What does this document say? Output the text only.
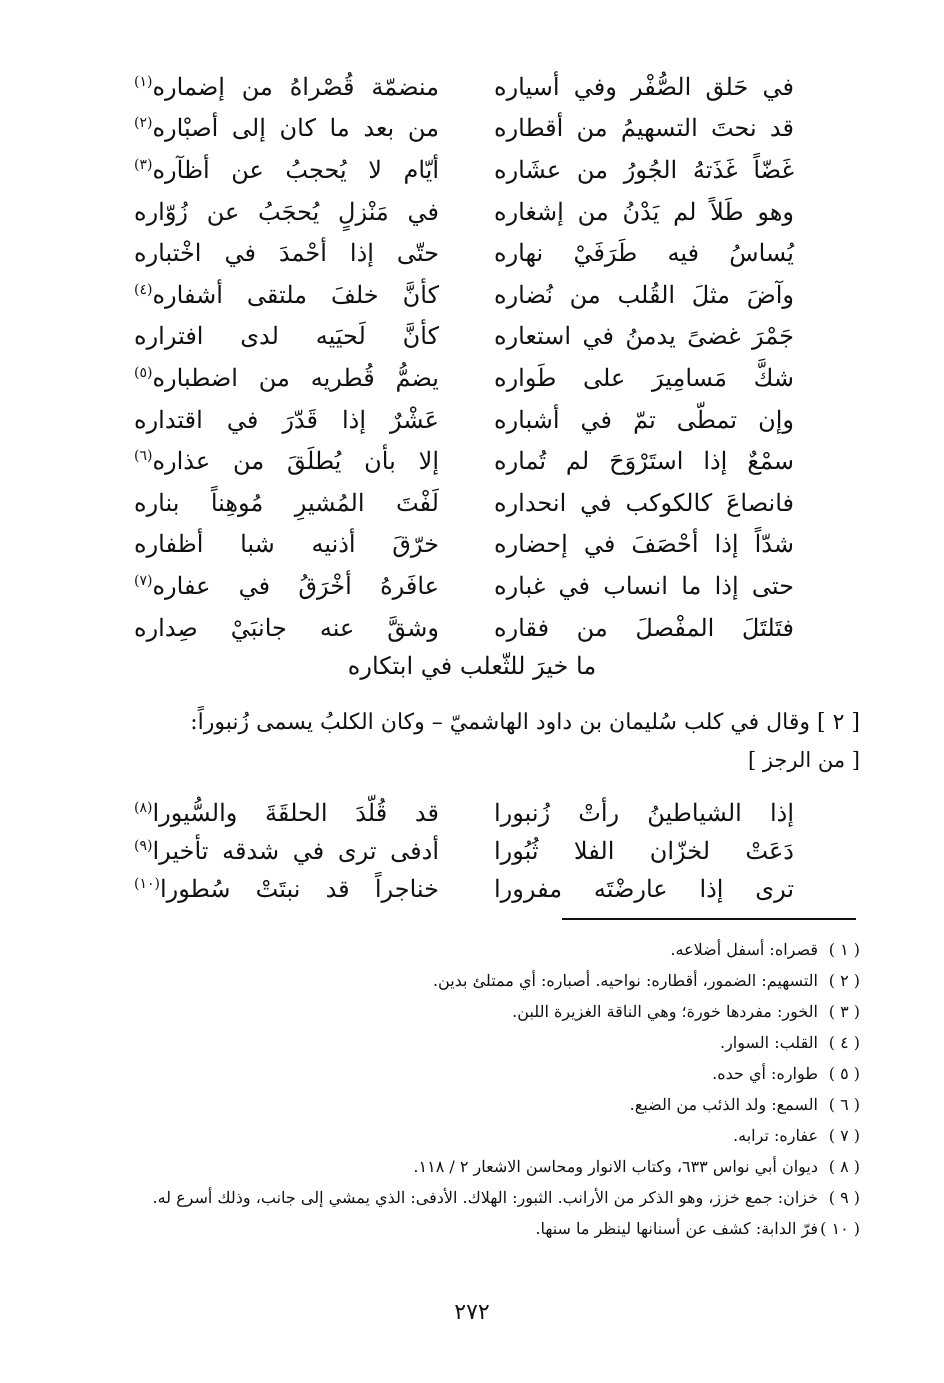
في حَلق الصُّفْر وفي أسياره
منضمّة قُصْراهُ من إضماره$^{(١)}$
قد نحتَ التسهيمُ من أقطاره
من بعد ما كان إلى أصبْاره$^{(٢)}$
غَضّاً غَذَتهُ الجُورُ من عشَاره
أيّام لا يُحجبُ عن أظآره$^{(٣)}$
وهو طَلاً لم يَدْنُ من إشغاره
في مَنْزلٍ يُحجَبُ عن زُوّاره
يُساسُ فيه طَرَفَيْ نهاره
حتّى إذا أحْمدَ في اخْتباره
وآضَ مثلَ القُلب من نُضاره
كأنَّ خلفَ ملتقى أشفاره$^{(٤)}$
جَمْرَ غضىً يدمنُ في استعاره
كأنَّ لَحيَيه لدى افتراره
شكَّ مَسامِيرَ على طَواره
يضمُّ قُطريه من اضطباره$^{(٥)}$
وإن تمطّى تمّ في أشباره
عَشْرٌ إذا قَدّرَ في اقتداره
سمْعٌ إذا استَرْوَحَ لم تُماره
إلا بأن يُطلَقَ من عذاره$^{(٦)}$
فانصاعَ كالكوكب في انحداره
لَفْتَ المُشيرِ مُوهِناً بناره
شدّاً إذا أحْصَفَ في إحضاره
خرّقَ أذنيه شبا أظفاره
حتى إذا ما انساب في غباره
عافَرهُ أخْرَقُ في عفاره$^{(٧)}$
فتَلتَلَ المفْصلَ من فقاره
وشقَّ عنه جانبَيْ صِداره
ما خيرَ للثّعلب في ابتكاره
[ ٢ ] وقال في كلب سُليمان بن داود الهاشميّ – وكان الكلبُ يسمى زُنبوراً:
[ من الرجز ]
إذا الشياطينُ رأتْ زُنبورا
قد قُلّدَ الحلقَةَ والسُّيورا$^{(٨)}$
دَعَتْ لخزّان الفلا ثُبُورا
أدفى ترى في شدقه تأخيرا$^{(٩)}$
ترى إذا عارضْتَه مفرورا
خناجراً قد نبتَتْ سُطورا$^{(١٠)}$
( ١ )
قصراه: أسفل أضلاعه.
( ٢ )
التسهيم: الضمور، أقطاره: نواحيه. أصباره: أي ممتلئ بدين.
( ٣ )
الخور: مفردها خورة؛ وهي الناقة الغزيرة اللبن.
( ٤ )
القلب: السوار.
( ٥ )
طواره: أي حده.
( ٦ )
السمع: ولد الذئب من الضبع.
( ٧ )
عفاره: ترابه.
( ٨ )
ديوان أبي نواس ٦٣٣، وكتاب الانوار ومحاسن الاشعار ٢ / ١١٨.
( ٩ )
خزان: جمع خزز، وهو الذكر من الأرانب. الثبور: الهلاك. الأدفى: الذي يمشي إلى جانب، وذلك أسرع له.
( ١٠ )
فرّ الدابة: كشف عن أسنانها لينظر ما سنها.
٢٧٢
